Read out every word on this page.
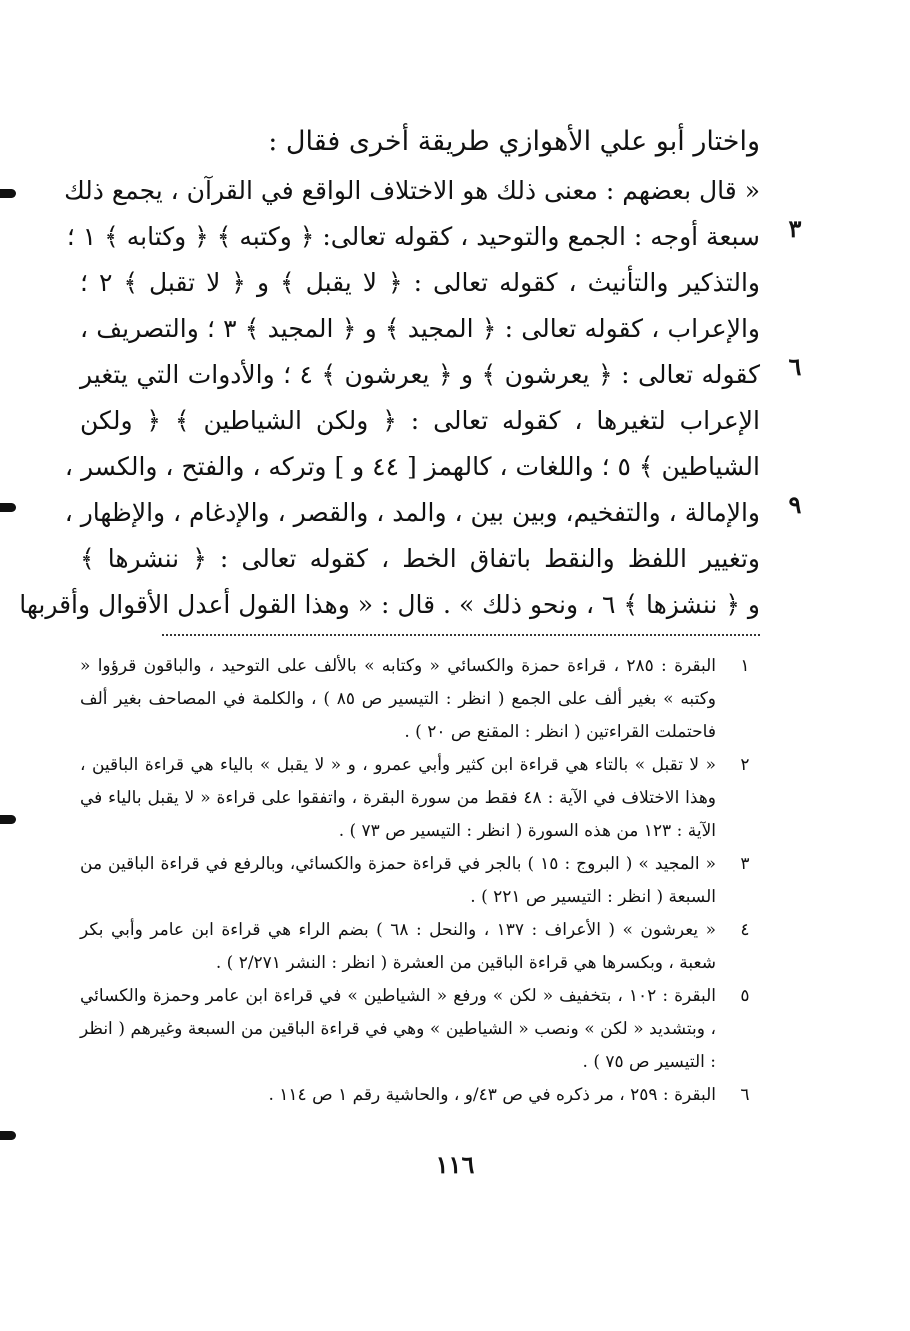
واختار أبو علي الأهوازي طريقة أخرى فقال :
« قال بعضهم : معنى ذلك هو الاختلاف الواقع في القرآن ، يجمع ذلك
سبعة أوجه : الجمع والتوحيد ، كقوله تعالى: ﴿ وكتبه ﴾ ﴿ وكتابه ﴾ ١ ؛
والتذكير والتأنيث ، كقوله تعالى : ﴿ لا يقبل ﴾ و ﴿ لا تقبل ﴾ ٢ ؛
والإعراب ، كقوله تعالى : ﴿ المجيد ﴾ و ﴿ المجيد ﴾ ٣ ؛ والتصريف ،
كقوله تعالى : ﴿ يعرشون ﴾ و ﴿ يعرشون ﴾ ٤ ؛ والأدوات التي يتغير
الإعراب لتغيرها ، كقوله تعالى : ﴿ ولكن الشياطين ﴾ ﴿ ولكن
الشياطين ﴾ ٥ ؛ واللغات ، كالهمز [ ٤٤ و ] وتركه ، والفتح ، والكسر ،
والإمالة ، والتفخيم، وبين بين ، والمد ، والقصر ، والإدغام ، والإظهار ،
وتغيير اللفظ والنقط باتفاق الخط ، كقوله تعالى : ﴿ ننشرها ﴾
و ﴿ ننشزها ﴾ ٦ ، ونحو ذلك » . قال : « وهذا القول أعدل الأقوال وأقربها
٣
٦
٩
١
البقرة : ٢٨٥ ، قراءة حمزة والكسائي « وكتابه » بالألف على التوحيد ، والباقون قرؤوا « وكتبه » بغير ألف على الجمع ( انظر : التيسير ص ٨٥ ) ، والكلمة في المصاحف بغير ألف فاحتملت القراءتين ( انظر : المقنع ص ٢٠ ) .
٢
« لا تقبل » بالتاء هي قراءة ابن كثير وأبي عمرو ، و « لا يقبل » بالياء هي قراءة الباقين ، وهذا الاختلاف في الآية : ٤٨ فقط من سورة البقرة ، واتفقوا على قراءة « لا يقبل بالياء في الآية : ١٢٣ من هذه السورة ( انظر : التيسير ص ٧٣ ) .
٣
« المجيد » ( البروج : ١٥ ) بالجر في قراءة حمزة والكسائي، وبالرفع في قراءة الباقين من السبعة ( انظر : التيسير ص ٢٢١ ) .
٤
« يعرشون » ( الأعراف : ١٣٧ ، والنحل : ٦٨ ) بضم الراء هي قراءة ابن عامر وأبي بكر شعبة ، وبكسرها هي قراءة الباقين من العشرة ( انظر : النشر ٢/٢٧١ ) .
٥
البقرة : ١٠٢ ، بتخفيف « لكن » ورفع « الشياطين » في قراءة ابن عامر وحمزة والكسائي ، وبتشديد « لكن » ونصب « الشياطين » وهي في قراءة الباقين من السبعة وغيرهم ( انظر : التيسير ص ٧٥ ) .
٦
البقرة : ٢٥٩ ، مر ذكره في ص ٤٣/و ، والحاشية رقم ١ ص ١١٤ .
١١٦
